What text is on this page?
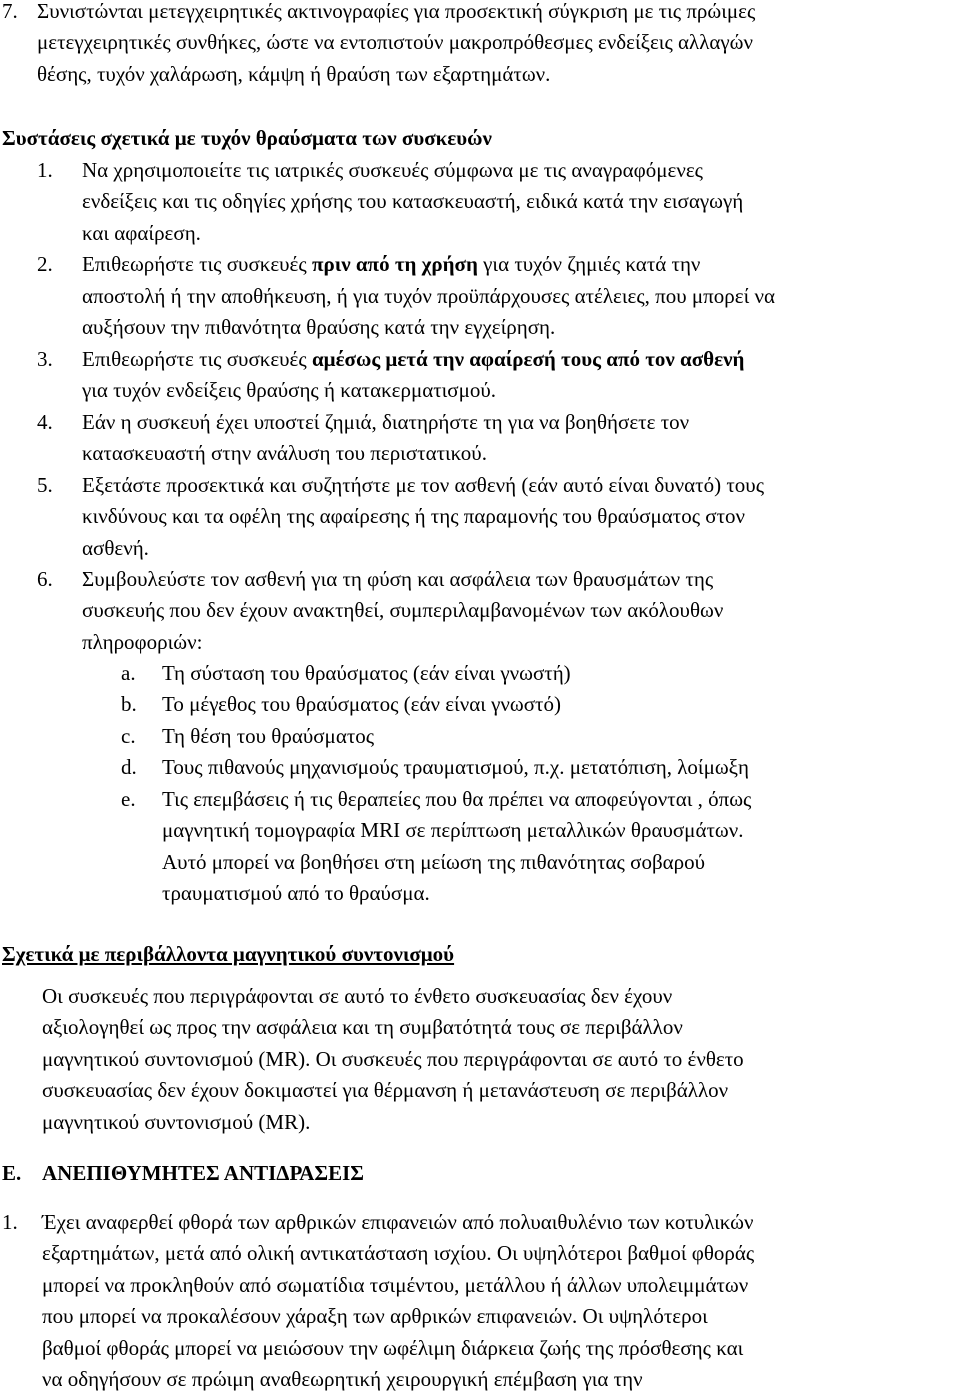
7. Συνιστώνται μετεγχειρητικές ακτινογραφίες για προσεκτική σύγκριση με τις πρώιμες
μετεγχειρητικές συνθήκες, ώστε να εντοπιστούν μακροπρόθεσμες ενδείξεις αλλαγών
θέσης, τυχόν χαλάρωση, κάμψη ή θραύση των εξαρτημάτων.
Συστάσεις σχετικά με τυχόν θραύσματα των συσκευών
1. Να χρησιμοποιείτε τις ιατρικές συσκευές σύμφωνα με τις αναγραφόμενες
ενδείξεις και τις οδηγίες χρήσης του κατασκευαστή, ειδικά κατά την εισαγωγή
και αφαίρεση.
2. Επιθεωρήστε τις συσκευές πριν από τη χρήση για τυχόν ζημιές κατά την
αποστολή ή την αποθήκευση, ή για τυχόν προϋπάρχουσες ατέλειες, που μπορεί να
αυξήσουν την πιθανότητα θραύσης κατά την εγχείρηση.
3. Επιθεωρήστε τις συσκευές αμέσως μετά την αφαίρεσή τους από τον ασθενή
για τυχόν ενδείξεις θραύσης ή κατακερματισμού.
4. Εάν η συσκευή έχει υποστεί ζημιά, διατηρήστε τη για να βοηθήσετε τον
κατασκευαστή στην ανάλυση του περιστατικού.
5. Εξετάστε προσεκτικά και συζητήστε με τον ασθενή (εάν αυτό είναι δυνατό) τους
κινδύνους και τα οφέλη της αφαίρεσης ή της παραμονής του θραύσματος στον
ασθενή.
6. Συμβουλεύστε τον ασθενή για τη φύση και ασφάλεια των θραυσμάτων της
συσκευής που δεν έχουν ανακτηθεί, συμπεριλαμβανομένων των ακόλουθων
πληροφοριών:
a. Τη σύσταση του θραύσματος (εάν είναι γνωστή)
b. Το μέγεθος του θραύσματος (εάν είναι γνωστό)
c. Τη θέση του θραύσματος
d. Τους πιθανούς μηχανισμούς τραυματισμού, π.χ. μετατόπιση, λοίμωξη
e. Τις επεμβάσεις ή τις θεραπείες που θα πρέπει να αποφεύγονται , όπως
μαγνητική τομογραφία MRI σε περίπτωση μεταλλικών θραυσμάτων.
Αυτό μπορεί να βοηθήσει στη μείωση της πιθανότητας σοβαρού
τραυματισμού από το θραύσμα.
Σχετικά με περιβάλλοντα μαγνητικού συντονισμού
Οι συσκευές που περιγράφονται σε αυτό το ένθετο συσκευασίας δεν έχουν
αξιολογηθεί ως προς την ασφάλεια και τη συμβατότητά τους σε περιβάλλον
μαγνητικού συντονισμού (MR). Οι συσκευές που περιγράφονται σε αυτό το ένθετο
συσκευασίας δεν έχουν δοκιμαστεί για θέρμανση ή μετανάστευση σε περιβάλλον
μαγνητικού συντονισμού (MR).
E. ΑΝΕΠΙΘΥΜΗΤΕΣ ΑΝΤΙΔΡΑΣΕΙΣ
1. Έχει αναφερθεί φθορά των αρθρικών επιφανειών από πολυαιθυλένιο των κοτυλικών
εξαρτημάτων, μετά από ολική αντικατάσταση ισχίου. Οι υψηλότεροι βαθμοί φθοράς
μπορεί να προκληθούν από σωματίδια τσιμέντου, μετάλλου ή άλλων υπολειμμάτων
που μπορεί να προκαλέσουν χάραξη των αρθρικών επιφανειών. Οι υψηλότεροι
βαθμοί φθοράς μπορεί να μειώσουν την ωφέλιμη διάρκεια ζωής της πρόσθεσης και
να οδηγήσουν σε πρώιμη αναθεωρητική χειρουργική επέμβαση για την
